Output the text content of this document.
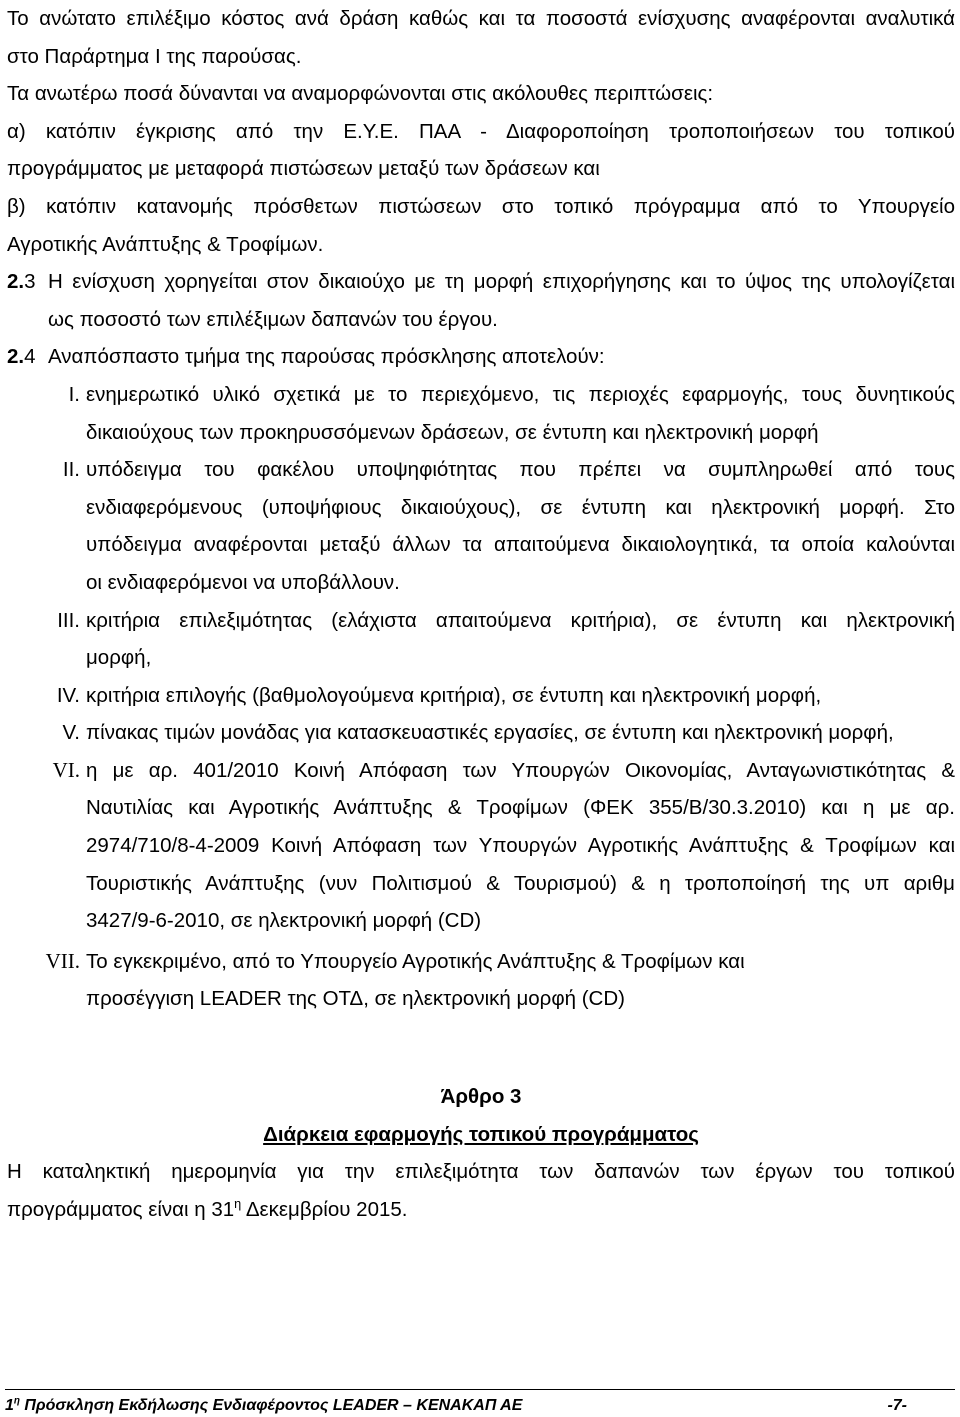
Το ανώτατο επιλέξιμο κόστος ανά δράση καθώς και τα ποσοστά ενίσχυσης αναφέρονται αναλυτικά
στο Παράρτημα Ι της παρούσας.
Τα ανωτέρω ποσά δύνανται να αναμορφώνονται στις ακόλουθες περιπτώσεις:
α) κατόπιν έγκρισης από την Ε.Υ.Ε. ΠΑΑ - Διαφοροποίηση τροποποιήσεων του τοπικού
προγράμματος με μεταφορά πιστώσεων μεταξύ των δράσεων και
β) κατόπιν κατανομής πρόσθετων πιστώσεων στο τοπικό πρόγραμμα από το Υπουργείο
Αγροτικής Ανάπτυξης & Τροφίμων.
2.3 Η ενίσχυση χορηγείται στον δικαιούχο με τη μορφή επιχορήγησης και το ύψος της υπολογίζεται
ως ποσοστό των επιλέξιμων δαπανών του έργου.
2.4 Αναπόσπαστο τμήμα της παρούσας πρόσκλησης αποτελούν:
I. ενημερωτικό υλικό σχετικά με το περιεχόμενο, τις περιοχές εφαρμογής, τους δυνητικούς
δικαιούχους των προκηρυσσόμενων δράσεων, σε έντυπη και ηλεκτρονική μορφή
II. υπόδειγμα του φακέλου υποψηφιότητας που πρέπει να συμπληρωθεί από τους
ενδιαφερόμενους (υποψήφιους δικαιούχους), σε έντυπη και ηλεκτρονική μορφή. Στο
υπόδειγμα αναφέρονται μεταξύ άλλων τα απαιτούμενα δικαιολογητικά, τα οποία καλούνται
οι ενδιαφερόμενοι να υποβάλλουν.
III. κριτήρια επιλεξιμότητας (ελάχιστα απαιτούμενα κριτήρια), σε έντυπη και ηλεκτρονική
μορφή,
IV. κριτήρια επιλογής (βαθμολογούμενα κριτήρια), σε έντυπη και ηλεκτρονική μορφή,
V. πίνακας τιμών μονάδας για κατασκευαστικές εργασίες, σε έντυπη και ηλεκτρονική μορφή,
VI. η με αρ. 401/2010 Κοινή Απόφαση των Υπουργών Οικονομίας, Ανταγωνιστικότητας &
Ναυτιλίας και Αγροτικής Ανάπτυξης & Τροφίμων (ΦΕΚ 355/Β/30.3.2010) και η με αρ.
2974/710/8-4-2009 Κοινή Απόφαση των Υπουργών Αγροτικής Ανάπτυξης & Τροφίμων και
Τουριστικής Ανάπτυξης (νυν Πολιτισμού & Τουρισμού) & η τροποποίησή της υπ αριθμ
3427/9-6-2010, σε ηλεκτρονική μορφή (CD)
VII. Το εγκεκριμένο, από το Υπουργείο Αγροτικής Ανάπτυξης & Τροφίμων και
προσέγγιση LEADER της ΟΤΔ, σε ηλεκτρονική μορφή (CD)
Άρθρο 3
Διάρκεια εφαρμογής τοπικού προγράμματος
Η καταληκτική ημερομηνία για την επιλεξιμότητα των δαπανών των έργων του τοπικού
προγράμματος είναι η $31^\eta$ Δεκεμβρίου 2015.
$1^\eta$ Πρόσκληση Εκδήλωσης Ενδιαφέροντος LEADER – ΚΕΝΑΚΑΠ ΑΕ	-7-
